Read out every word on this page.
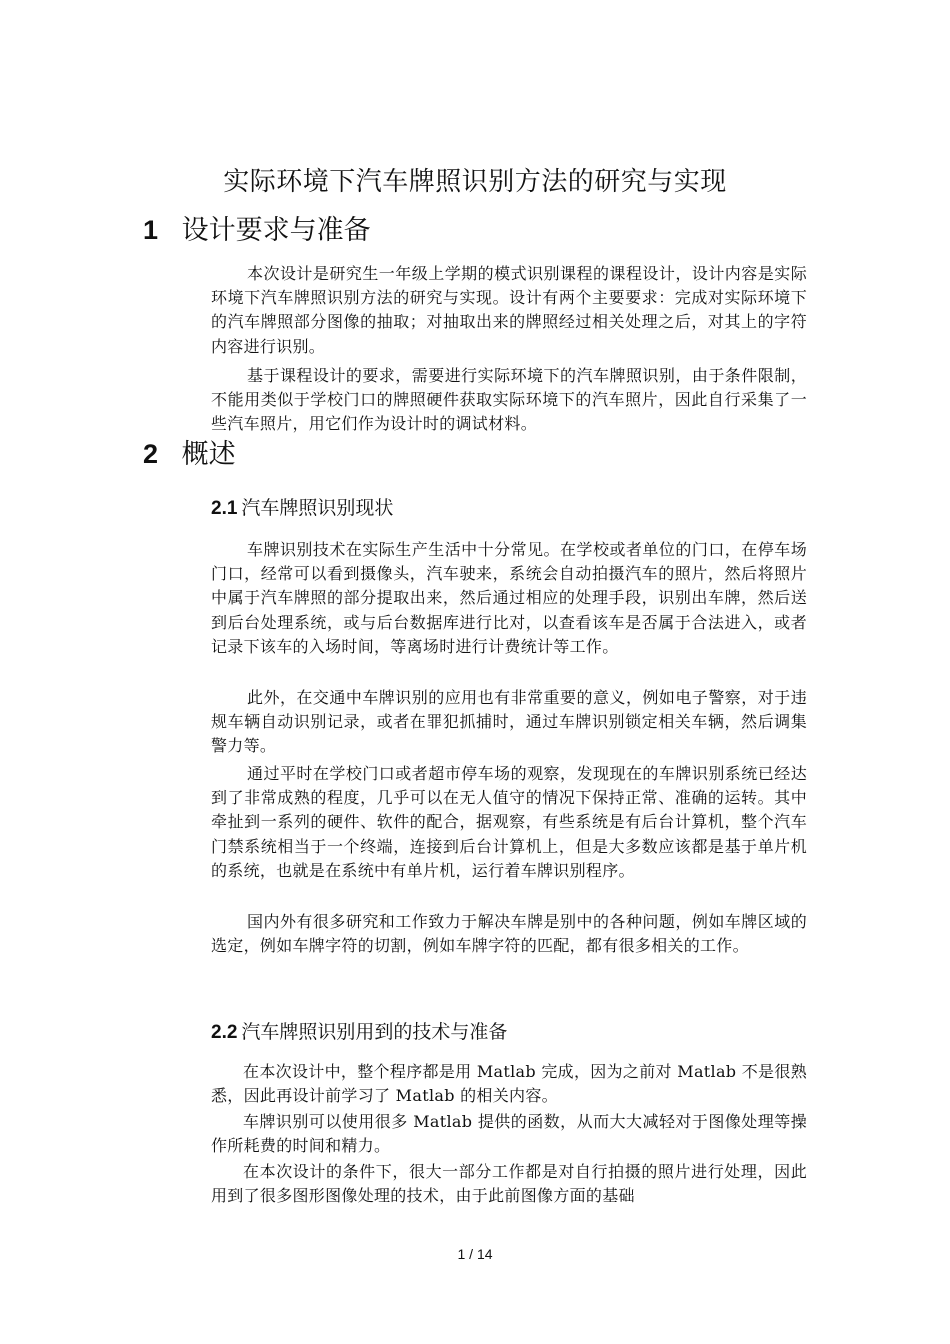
实际环境下汽车牌照识别方法的研究与实现
1 设计要求与准备

本次设计是研究生一年级上学期的模式识别课程的课程设计，设计内容是实际环境下汽车牌照识别方法的研究与实现。设计有两个主要要求：完成对实际环境下的汽车牌照部分图像的抽取；对抽取出来的牌照经过相关处理之后，对其上的字符内容进行识别。

基于课程设计的要求，需要进行实际环境下的汽车牌照识别，由于条件限制，不能用类似于学校门口的牌照硬件获取实际环境下的汽车照片，因此自行采集了一些汽车照片，用它们作为设计时的调试材料。

2 概述
2.1 汽车牌照识别现状

车牌识别技术在实际生产生活中十分常见。在学校或者单位的门口，在停车场门口，经常可以看到摄像头，汽车驶来，系统会自动拍摄汽车的照片，然后将照片中属于汽车牌照的部分提取出来，然后通过相应的处理手段，识别出车牌，然后送到后台处理系统，或与后台数据库进行比对，以查看该车是否属于合法进入，或者记录下该车的入场时间，等离场时进行计费统计等工作。

此外，在交通中车牌识别的应用也有非常重要的意义，例如电子警察，对于违规车辆自动识别记录，或者在罪犯抓捕时，通过车牌识别锁定相关车辆，然后调集警力等。

通过平时在学校门口或者超市停车场的观察，发现现在的车牌识别系统已经达到了非常成熟的程度，几乎可以在无人值守的情况下保持正常、准确的运转。其中牵扯到一系列的硬件、软件的配合，据观察，有些系统是有后台计算机，整个汽车门禁系统相当于一个终端，连接到后台计算机上，但是大多数应该都是基于单片机的系统，也就是在系统中有单片机，运行着车牌识别程序。

国内外有很多研究和工作致力于解决车牌是别中的各种问题，例如车牌区域的选定，例如车牌字符的切割，例如车牌字符的匹配，都有很多相关的工作。

2.2 汽车牌照识别用到的技术与准备

在本次设计中，整个程序都是用 Matlab 完成，因为之前对 Matlab 不是很熟悉，因此再设计前学习了 Matlab 的相关内容。

车牌识别可以使用很多 Matlab 提供的函数，从而大大减轻对于图像处理等操作所耗费的时间和精力。

在本次设计的条件下，很大一部分工作都是对自行拍摄的照片进行处理，因此用到了很多图形图像处理的技术，由于此前图像方面的基础

1 / 14
